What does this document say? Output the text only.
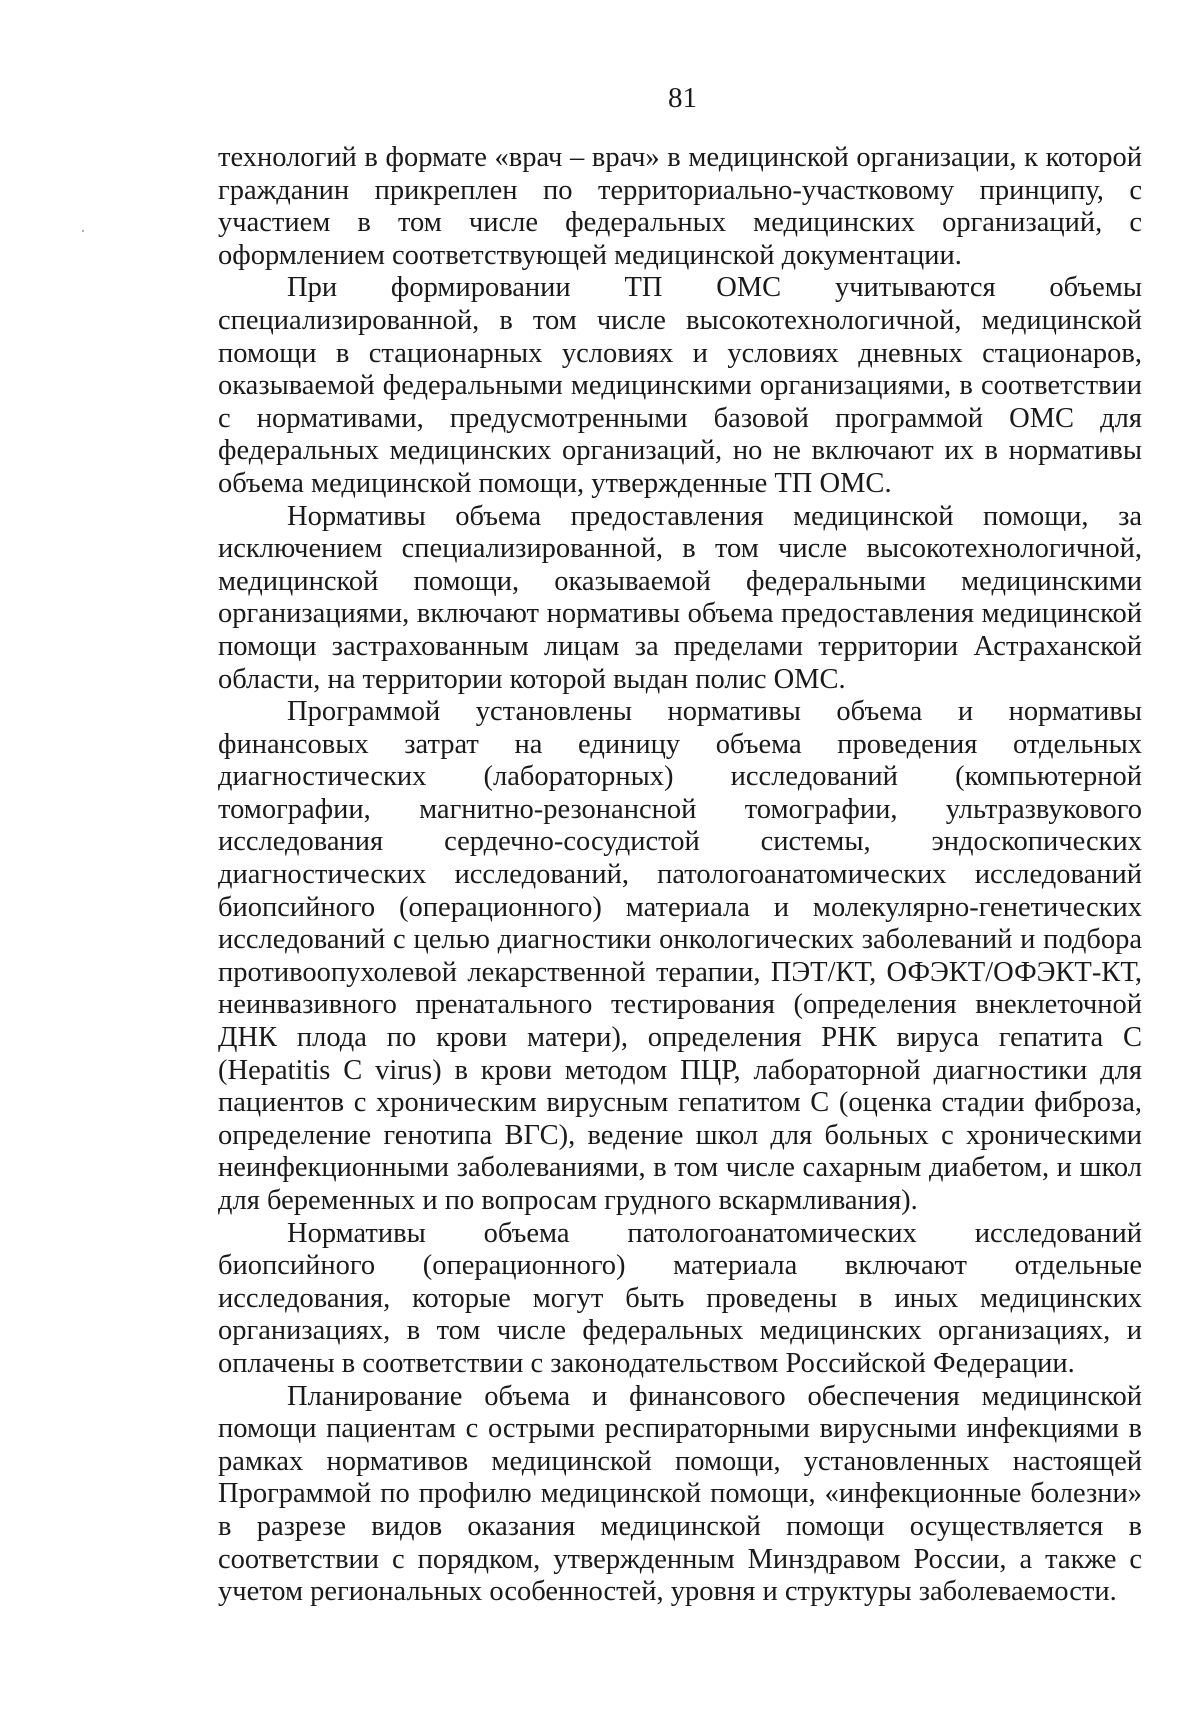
81

технологий в формате «врач – врач» в медицинской организации, к которой гражданин прикреплен по территориально-участковому принципу, с участием в том числе федеральных медицинских организаций, с оформлением соответствующей медицинской документации.

При формировании ТП ОМС учитываются объемы специализированной, в том числе высокотехнологичной, медицинской помощи в стационарных условиях и условиях дневных стационаров, оказываемой федеральными медицинскими организациями, в соответствии с нормативами, предусмотренными базовой программой ОМС для федеральных медицинских организаций, но не включают их в нормативы объема медицинской помощи, утвержденные ТП ОМС.

Нормативы объема предоставления медицинской помощи, за исключением специализированной, в том числе высокотехнологичной, медицинской помощи, оказываемой федеральными медицинскими организациями, включают нормативы объема предоставления медицинской помощи застрахованным лицам за пределами территории Астраханской области, на территории которой выдан полис ОМС.

Программой установлены нормативы объема и нормативы финансовых затрат на единицу объема проведения отдельных диагностических (лабораторных) исследований (компьютерной томографии, магнитно-резонансной томографии, ультразвукового исследования сердечно-сосудистой системы, эндоскопических диагностических исследований, патологоанатомических исследований биопсийного (операционного) материала и молекулярно-генетических исследований с целью диагностики онкологических заболеваний и подбора противоопухолевой лекарственной терапии, ПЭТ/КТ, ОФЭКТ/ОФЭКТ-КТ, неинвазивного пренатального тестирования (определения внеклеточной ДНК плода по крови матери), определения РНК вируса гепатита С (Hepatitis C virus) в крови методом ПЦР, лабораторной диагностики для пациентов с хроническим вирусным гепатитом С (оценка стадии фиброза, определение генотипа ВГС), ведение школ для больных с хроническими неинфекционными заболеваниями, в том числе сахарным диабетом, и школ для беременных и по вопросам грудного вскармливания).

Нормативы объема патологоанатомических исследований биопсийного (операционного) материала включают отдельные исследования, которые могут быть проведены в иных медицинских организациях, в том числе федеральных медицинских организациях, и оплачены в соответствии с законодательством Российской Федерации.

Планирование объема и финансового обеспечения медицинской помощи пациентам с острыми респираторными вирусными инфекциями в рамках нормативов медицинской помощи, установленных настоящей Программой по профилю медицинской помощи, «инфекционные болезни» в разрезе видов оказания медицинской помощи осуществляется в соответствии с порядком, утвержденным Минздравом России, а также с учетом региональных особенностей, уровня и структуры заболеваемости.
